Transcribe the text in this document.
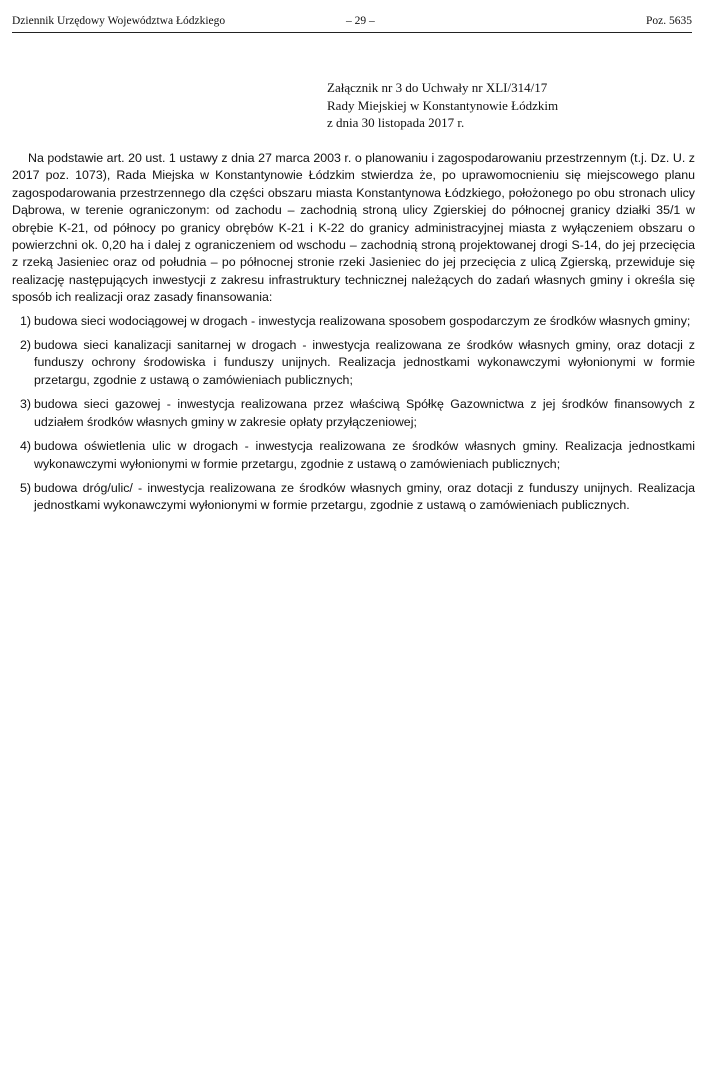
Dziennik Urzędowy Województwa Łódzkiego	– 29 –	Poz. 5635
Załącznik nr 3 do Uchwały nr XLI/314/17
Rady Miejskiej w Konstantynowie Łódzkim
z dnia 30 listopada 2017 r.

Na podstawie art. 20 ust. 1 ustawy z dnia 27 marca 2003 r. o planowaniu i zagospodarowaniu przestrzennym (t.j. Dz. U. z 2017 poz. 1073), Rada Miejska w Konstantynowie Łódzkim stwierdza że, po uprawomocnieniu się miejscowego planu zagospodarowania przestrzennego dla części obszaru miasta Konstantynowa Łódzkiego, położonego po obu stronach ulicy Dąbrowa, w terenie ograniczonym: od zachodu – zachodnią stroną ulicy Zgierskiej do północnej granicy działki 35/1 w obrębie K-21, od północy po granicy obrębów K-21 i K-22 do granicy administracyjnej miasta z wyłączeniem obszaru o powierzchni ok. 0,20 ha i dalej z ograniczeniem od wschodu – zachodnią stroną projektowanej drogi S-14, do jej przecięcia z rzeką Jasieniec oraz od południa – po północnej stronie rzeki Jasieniec do jej przecięcia z ulicą Zgierską, przewiduje się realizację następujących inwestycji z zakresu infrastruktury technicznej należących do zadań własnych gminy i określa się sposób ich realizacji oraz zasady finansowania:

1) budowa sieci wodociągowej w drogach - inwestycja realizowana sposobem gospodarczym ze środków własnych gminy;
2) budowa sieci kanalizacji sanitarnej w drogach - inwestycja realizowana ze środków własnych gminy, oraz dotacji z funduszy ochrony środowiska i funduszy unijnych. Realizacja jednostkami wykonawczymi wyłonionymi w formie przetargu, zgodnie z ustawą o zamówieniach publicznych;
3) budowa sieci gazowej - inwestycja realizowana przez właściwą Spółkę Gazownictwa z jej środków finansowych z udziałem środków własnych gminy w zakresie opłaty przyłączeniowej;
4) budowa oświetlenia ulic w drogach - inwestycja realizowana ze środków własnych gminy. Realizacja jednostkami wykonawczymi wyłonionymi w formie przetargu, zgodnie z ustawą o zamówieniach publicznych;
5) budowa dróg/ulic/ - inwestycja realizowana ze środków własnych gminy, oraz dotacji z funduszy unijnych. Realizacja jednostkami wykonawczymi wyłonionymi w formie przetargu, zgodnie z ustawą o zamówieniach publicznych.
